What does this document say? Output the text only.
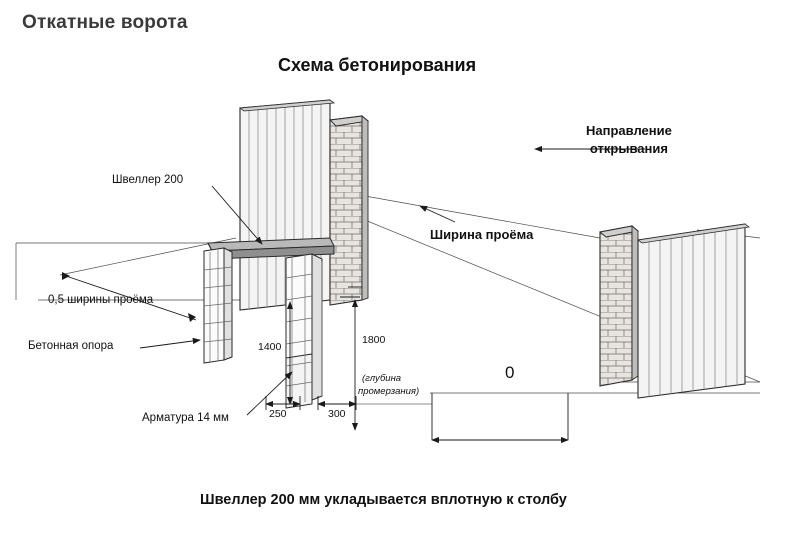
Откатные ворота
Схема бетонирования
Швеллер 200
0,5 ширины проёма
Бетонная опора
Арматура 14 мм
Ширина проёма
Направление
открывания
1400
1800
(глубина
промерзания)
250	300
0
Швеллер 200 мм укладывается вплотную к столбу
